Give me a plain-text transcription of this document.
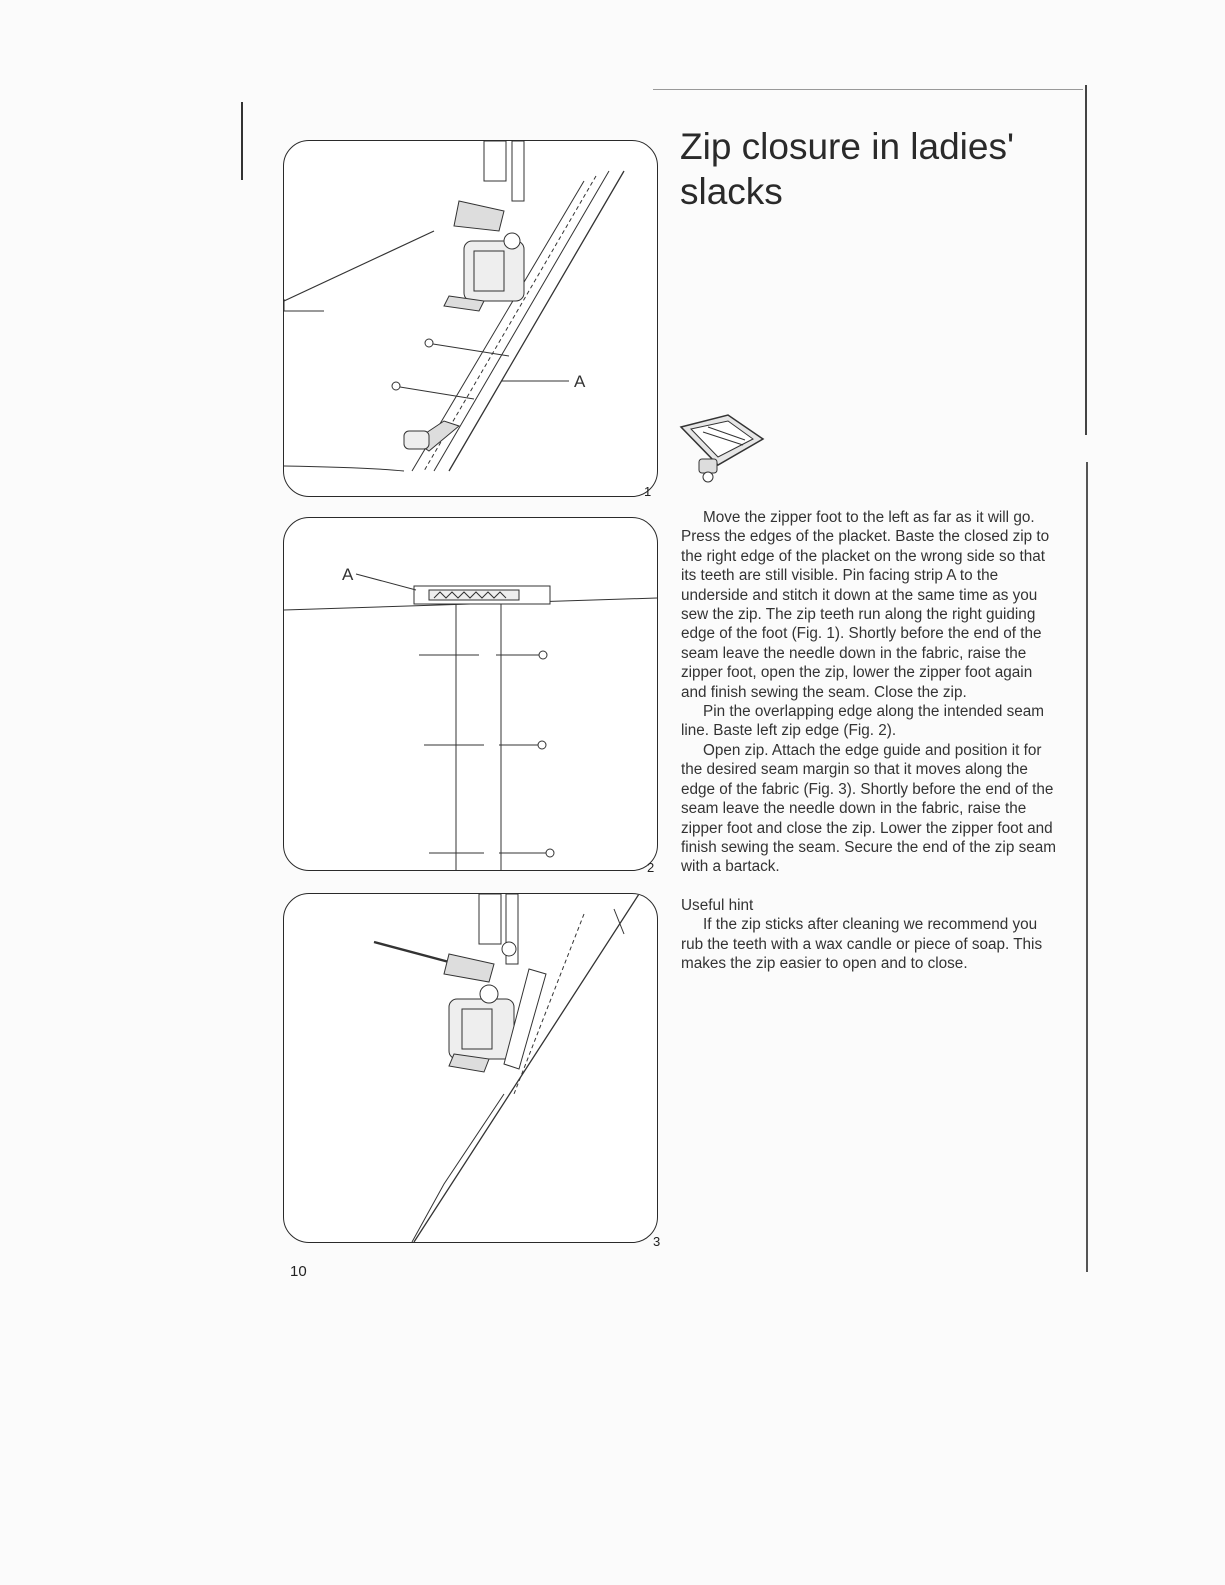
A
1
A
2
3
Zip closure in ladies' slacks

Move the zipper foot to the left as far as it will go. Press the edges of the placket. Baste the closed zip to the right edge of the placket on the wrong side so that its teeth are still visible. Pin facing strip A to the underside and stitch it down at the same time as you sew the zip. The zip teeth run along the right guiding edge of the foot (Fig. 1). Shortly before the end of the seam leave the needle down in the fabric, raise the zipper foot, open the zip, lower the zipper foot again and finish sewing the seam. Close the zip.

Pin the overlapping edge along the intended seam line. Baste left zip edge (Fig. 2).

Open zip. Attach the edge guide and position it for the desired seam margin so that it moves along the edge of the fabric (Fig. 3). Shortly before the end of the seam leave the needle down in the fabric, raise the zipper foot and close the zip. Lower the zipper foot and finish sewing the seam. Secure the end of the zip seam with a bartack.

Useful hint

If the zip sticks after cleaning we recommend you rub the teeth with a wax candle or piece of soap. This makes the zip easier to open and to close.

10
